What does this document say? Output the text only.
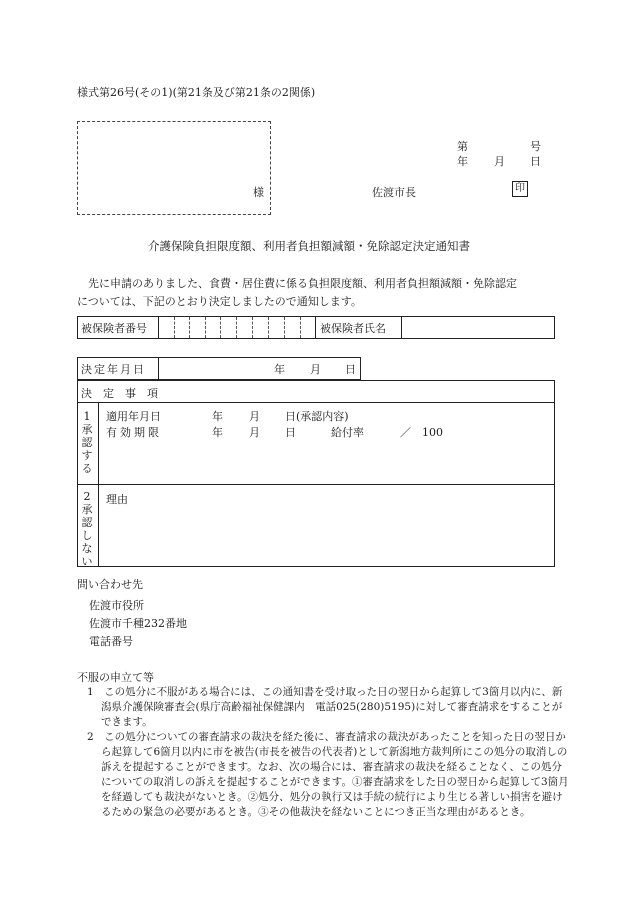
様式第26号(その1)(第21条及び第21条の2関係)
様
第	号
年 月 日
佐渡市長	印
介護保険負担限度額、利用者負担額減額・免除認定決定通知書
先に申請のありました、食費・居住費に係る負担限度額、利用者負担額減額・免除認定
については、下記のとおり決定しましたので通知します。
被保険者番号	被保険者氏名
決定年月日	年 月 日
決　定　事　項
1承認する
適用年月日	年 月 日(承認内容)
有効期限	年 月 日	給付率	／　100
2承認しない
理由
問い合わせ先
佐渡市役所
佐渡市千種232番地
電話番号
不服の申立て等
1　この処分に不服がある場合には、この通知書を受け取った日の翌日から起算して3箇月以内に、新潟県介護保険審査会(県庁高齢福祉保健課内　電話025(280)5195)に対して審査請求をすることができます。
2　この処分についての審査請求の裁決を経た後に、審査請求の裁決があったことを知った日の翌日から起算して6箇月以内に市を被告(市長を被告の代表者)として新潟地方裁判所にこの処分の取消しの訴えを提起することができます。なお、次の場合には、審査請求の裁決を経ることなく、この処分についての取消しの訴えを提起することができます。①審査請求をした日の翌日から起算して3箇月を経過しても裁決がないとき。②処分、処分の執行又は手続の続行により生じる著しい損害を避けるための緊急の必要があるとき。③その他裁決を経ないことにつき正当な理由があるとき。
